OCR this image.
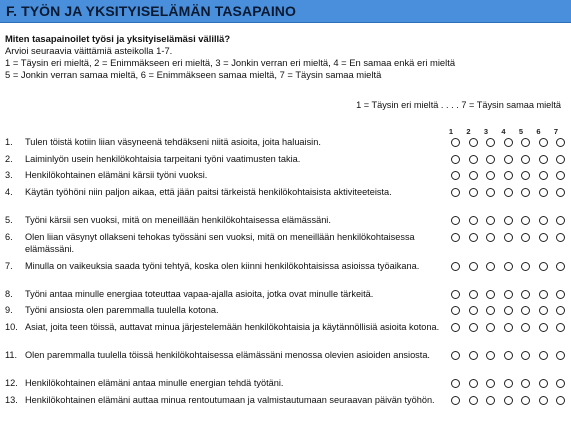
F. TYÖN JA YKSITYISELÄMÄN TASAPAINO
Miten tasapainoilet työsi ja yksityiselämäsi välillä?
Arvioi seuraavia väittämiä asteikolla 1-7.
1 = Täysin eri mieltä, 2 = Enimmäkseen eri mieltä, 3 = Jonkin verran eri mieltä, 4 = En samaa enkä eri mieltä
5 = Jonkin verran samaa mieltä, 6 = Enimmäkseen samaa mieltä, 7 = Täysin samaa mieltä
1 = Täysin eri mieltä . . . . 7 = Täysin samaa mieltä
1	2	3	4	5	6	7
1. Tulen töistä kotiin liian väsyneenä tehdäkseni niitä asioita, joita haluaisin.
2. Laiminlyön usein henkilökohtaisia tarpeitani työni vaatimusten takia.
3. Henkilökohtainen elämäni kärsii työni vuoksi.
4. Käytän työhöni niin paljon aikaa, että jään paitsi tärkeistä henkilökohtaisista aktiviteeteista.
5. Työni kärsii sen vuoksi, mitä on meneillään henkilökohtaisessa elämässäni.
6. Olen liian väsynyt ollakseni tehokas työssäni sen vuoksi, mitä on meneillään henkilökohtaisessa elämässäni.
7. Minulla on vaikeuksia saada työni tehtyä, koska olen kiinni henkilökohtaisissa asioissa työaikana.
8. Työni antaa minulle energiaa toteuttaa vapaa-ajalla asioita, jotka ovat minulle tärkeitä.
9. Työni ansiosta olen paremmalla tuulella kotona.
10. Asiat, joita teen töissä, auttavat minua järjestelemään henkilökohtaisia ja käytännöllisiä asioita kotona.
11. Olen paremmalla tuulella töissä henkilökohtaisessa elämässäni menossa olevien asioiden ansiosta.
12. Henkilökohtainen elämäni antaa minulle energian tehdä työtäni.
13. Henkilökohtainen elämäni auttaa minua rentoutumaan ja valmistautumaan seuraavan päivän työhön.
